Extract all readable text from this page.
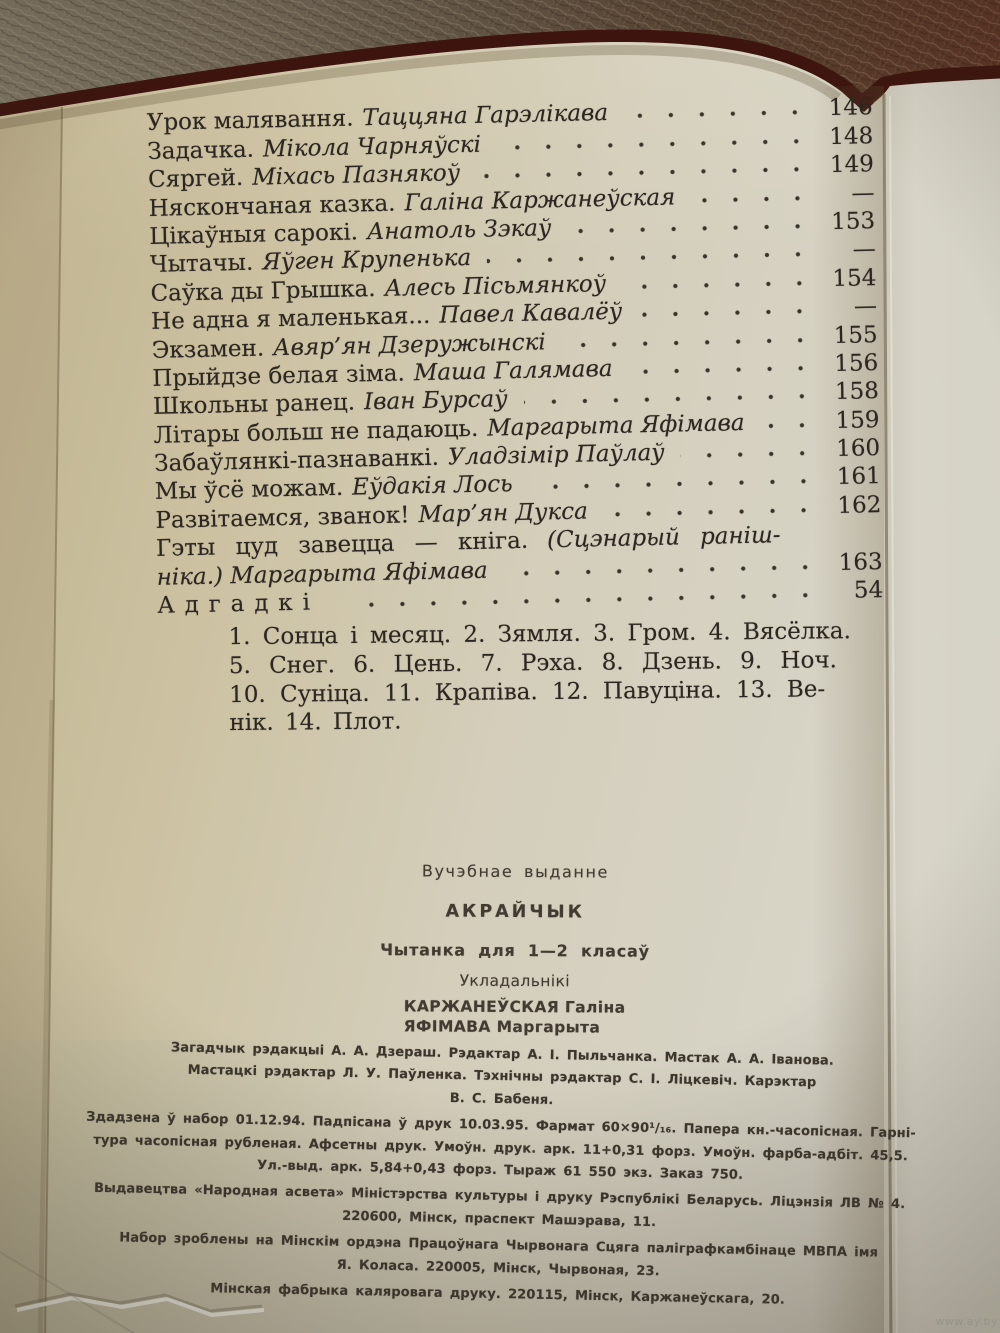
Урок малявання. Таццяна Гарэлікава	146
Задачка. Мікола Чарняўскі	148
Сяргей. Міхась Пазнякоў	149
Няскончаная казка. Галіна Каржанеўская	—
Цікаўныя сарокі. Анатоль Зэкаў	153
Чытачы. Яўген Крупенька	—
Саўка ды Грышка. Алесь Пісьмянкоў	154
Не адна я маленькая... Павел Кавалёў	—
Экзамен. Авяр’ян Дзеружынскі	155
Прыйдзе белая зіма. Маша Галямава	156
Школьны ранец. Іван Бурсаў	158
Літары больш не падаюць. Маргарыта Яфімава	159
Забаўлянкі-пазнаванкі. Уладзімір Паўлаў	160
Мы ўсё можам. Еўдакія Лось	161
Развітаемся, званок! Мар’ян Дукса	162
Гэты цуд завецца — кніга. (Сцэнарый раніш-
ніка.) Маргарыта Яфімава	163
Адгадкі	54
1. Сонца і месяц. 2. Зямля. 3. Гром. 4. Вясёлка.
5. Снег. 6. Цень. 7. Рэха. 8. Дзень. 9. Ноч.
10. Суніца. 11. Крапіва. 12. Павуціна. 13. Ве-
нік. 14. Плот.
Вучэбнае выданне
АКРАЙЧЫК
Чытанка для 1—2 класаў
Укладальнікі
КАРЖАНЕЎСКАЯ Галіна
ЯФІМАВА Маргарыта
Загадчык рэдакцыі А. А. Дзераш. Рэдактар А. І. Пыльчанка. Мастак А. А. Іванова.
Мастацкі рэдактар Л. У. Паўленка. Тэхнічны рэдактар С. І. Ліцкевіч. Карэктар
В. С. Бабеня.
Здадзена ў набор 01.12.94. Падпісана ў друк 10.03.95. Фармат 60×90¹/₁₆. Папера кн.-часопісная. Гарні-
тура часопісная рубленая. Афсетны друк. Умоўн. друк. арк. 11+0,31 форз. Умоўн. фарба-адбіт. 45,5.
Ул.-выд. арк. 5,84+0,43 форз. Тыраж 61 550 экз. Заказ 750.
Выдавецтва «Народная асвета» Міністэрства культуры і друку Рэспублікі Беларусь. Ліцэнзія ЛВ № 4.
220600, Мінск, праспект Машэрава, 11.
Набор зроблены на Мінскім ордэна Працоўнага Чырвонага Сцяга паліграфкамбінаце МВПА імя
Я. Коласа. 220005, Мінск, Чырвоная, 23.
Мінская фабрыка каляровага друку. 220115, Мінск, Каржанеўскага, 20.
www.ay.by
